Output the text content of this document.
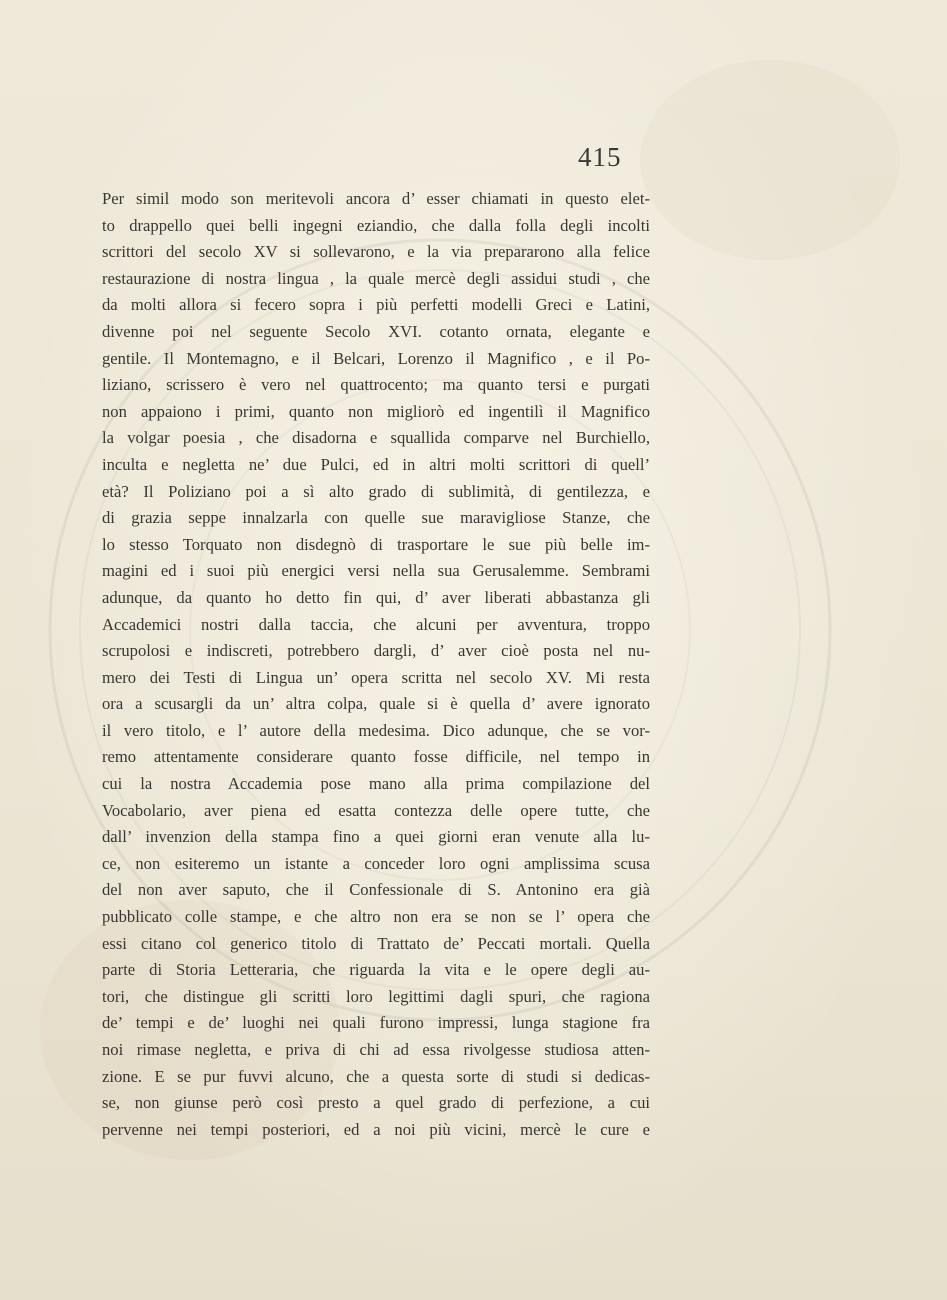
415
Per simil modo son meritevoli ancora d’ esser chiamati in questo elet-
to drappello quei belli ingegni eziandio, che dalla folla degli incolti
scrittori del secolo XV si sollevarono, e la via prepararono alla felice
restaurazione di nostra lingua , la quale mercè degli assidui studi , che
da molti allora si fecero sopra i più perfetti modelli Greci e Latini,
divenne poi nel seguente Secolo XVI. cotanto ornata, elegante e
gentile. Il Montemagno, e il Belcari, Lorenzo il Magnifico , e il Po-
liziano, scrissero è vero nel quattrocento; ma quanto tersi e purgati
non appaiono i primi, quanto non migliorò ed ingentilì il Magnifico
la volgar poesia , che disadorna e squallida comparve nel Burchiello,
inculta e negletta ne’ due Pulci, ed in altri molti scrittori di quell’
età? Il Poliziano poi a sì alto grado di sublimità, di gentilezza, e
di grazia seppe innalzarla con quelle sue maravigliose Stanze, che
lo stesso Torquato non disdegnò di trasportare le sue più belle im-
magini ed i suoi più energici versi nella sua Gerusalemme. Sembrami
adunque, da quanto ho detto fin qui, d’ aver liberati abbastanza gli
Accademici nostri dalla taccia, che alcuni per avventura, troppo
scrupolosi e indiscreti, potrebbero dargli, d’ aver cioè posta nel nu-
mero dei Testi di Lingua un’ opera scritta nel secolo XV. Mi resta
ora a scusargli da un’ altra colpa, quale si è quella d’ avere ignorato
il vero titolo, e l’ autore della medesima. Dico adunque, che se vor-
remo attentamente considerare quanto fosse difficile, nel tempo in
cui la nostra Accademia pose mano alla prima compilazione del
Vocabolario, aver piena ed esatta contezza delle opere tutte, che
dall’ invenzion della stampa fino a quei giorni eran venute alla lu-
ce, non esiteremo un istante a conceder loro ogni amplissima scusa
del non aver saputo, che il Confessionale di S. Antonino era già
pubblicato colle stampe, e che altro non era se non se l’ opera che
essi citano col generico titolo di Trattato de’ Peccati mortali. Quella
parte di Storia Letteraria, che riguarda la vita e le opere degli au-
tori, che distingue gli scritti loro legittimi dagli spuri, che ragiona
de’ tempi e de’ luoghi nei quali furono impressi, lunga stagione fra
noi rimase negletta, e priva di chi ad essa rivolgesse studiosa atten-
zione. E se pur fuvvi alcuno, che a questa sorte di studi si dedicas-
se, non giunse però così presto a quel grado di perfezione, a cui
pervenne nei tempi posteriori, ed a noi più vicini, mercè le cure e
